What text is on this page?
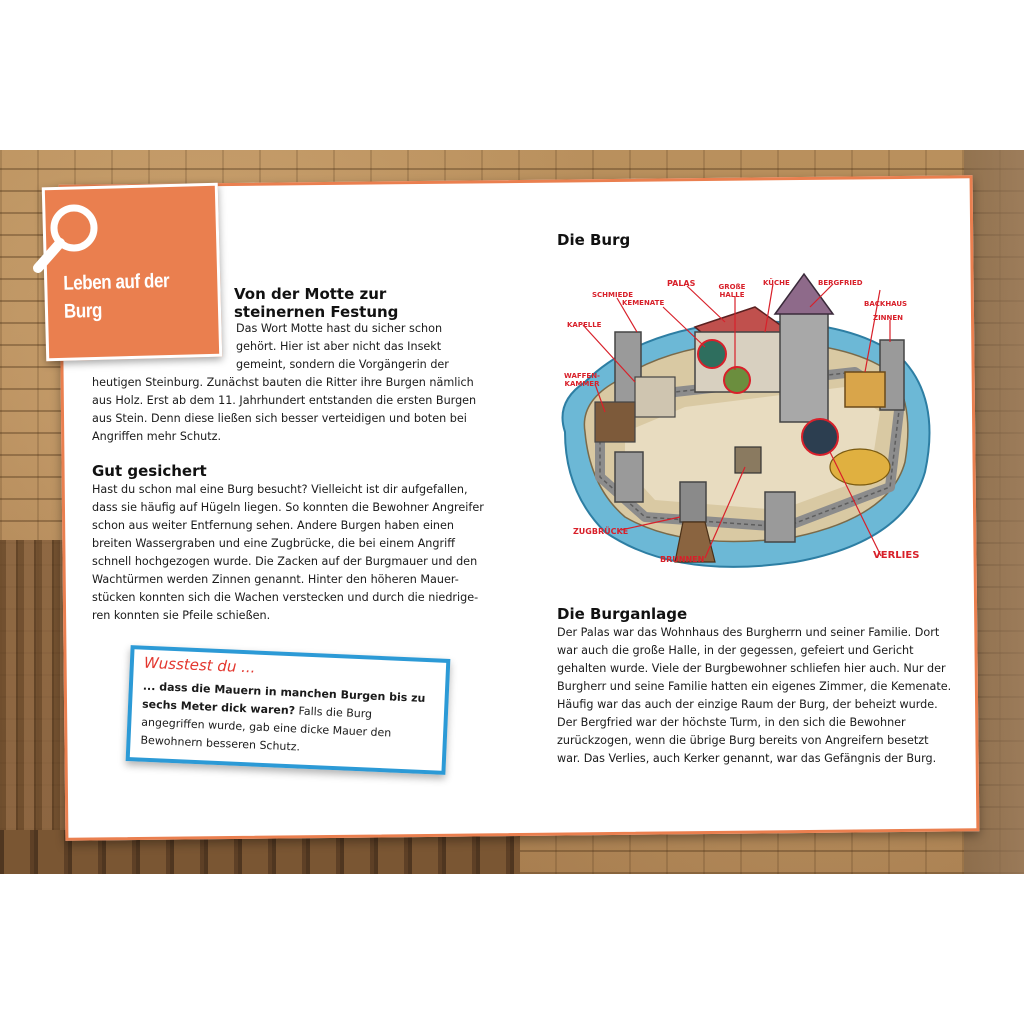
Von der Motte zur steinernen Festung

Das Wort Motte hast du sicher schon

gehört. Hier ist aber nicht das Insekt

gemeint, sondern die Vorgängerin der

heutigen Steinburg. Zunächst bauten die Ritter ihre Burgen nämlich

aus Holz. Erst ab dem 11. Jahrhundert entstanden die ersten Burgen

aus Stein. Denn diese ließen sich besser verteidigen und boten bei

Angriffen mehr Schutz.

Gut gesichert

Hast du schon mal eine Burg besucht? Vielleicht ist dir aufgefallen,

dass sie häufig auf Hügeln liegen. So konnten die Bewohner Angreifer

schon aus weiter Entfernung sehen. Andere Burgen haben einen

breiten Wassergraben und eine Zugbrücke, die bei einem Angriff

schnell hochgezogen wurde. Die Zacken auf der Burgmauer und den

Wachtürmen werden Zinnen genannt. Hinter den höheren Mauer-

stücken konnten sich die Wachen verstecken und durch die niedrige-

ren konnten sie Pfeile schießen.

Wusstest du ...
... dass die Mauern in manchen Burgen bis zu sechs Meter dick waren? Falls die Burg angegriffen wurde, gab eine dicke Mauer den Bewohnern besseren Schutz.
Die Burg
SCHMIEDE
PALAS
KEMENATE
GROßE HALLE
KÜCHE	BERGFRIED
BACKHAUS
ZINNEN
KAPELLE
WAFFEN-KAMMER
ZUGBRÜCKE
BRUNNEN	VERLIES
Die Burganlage

Der Palas war das Wohnhaus des Burgherrn und seiner Familie. Dort

war auch die große Halle, in der gegessen, gefeiert und Gericht

gehalten wurde. Viele der Burgbewohner schliefen hier auch. Nur der

Burgherr und seine Familie hatten ein eigenes Zimmer, die Kemenate.

Häufig war das auch der einzige Raum der Burg, der beheizt wurde.

Der Bergfried war der höchste Turm, in den sich die Bewohner

zurückzogen, wenn die übrige Burg bereits von Angreifern besetzt

war. Das Verlies, auch Kerker genannt, war das Gefängnis der Burg.

Leben auf der Burg
